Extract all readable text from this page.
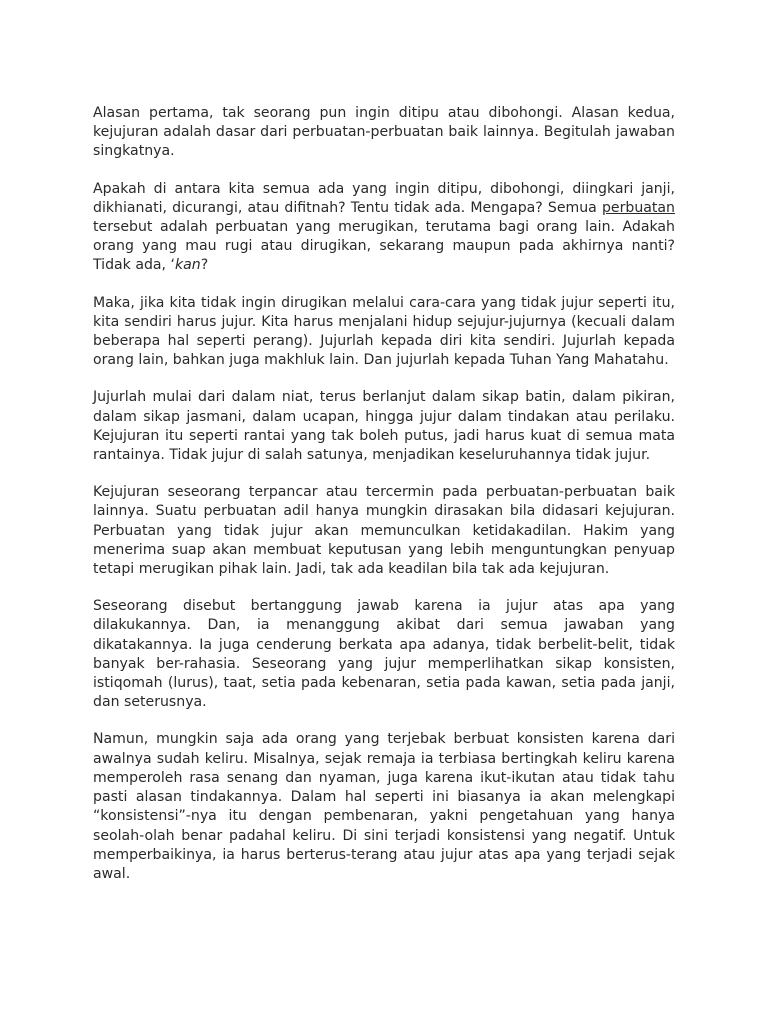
Alasan pertama, tak seorang pun ingin ditipu atau dibohongi. Alasan kedua, kejujuran adalah dasar dari perbuatan-perbuatan baik lainnya. Begitulah jawaban singkatnya.

Apakah di antara kita semua ada yang ingin ditipu, dibohongi, diingkari janji, dikhianati, dicurangi, atau difitnah? Tentu tidak ada. Mengapa? Semua perbuatan tersebut adalah perbuatan yang merugikan, terutama bagi orang lain. Adakah orang yang mau rugi atau dirugikan, sekarang maupun pada akhirnya nanti? Tidak ada, ‘kan?

Maka, jika kita tidak ingin dirugikan melalui cara-cara yang tidak jujur seperti itu, kita sendiri harus jujur. Kita harus menjalani hidup sejujur-jujurnya (kecuali dalam beberapa hal seperti perang). Jujurlah kepada diri kita sendiri. Jujurlah kepada orang lain, bahkan juga makhluk lain. Dan jujurlah kepada Tuhan Yang Mahatahu.

Jujurlah mulai dari dalam niat, terus berlanjut dalam sikap batin, dalam pikiran, dalam sikap jasmani, dalam ucapan, hingga jujur dalam tindakan atau perilaku. Kejujuran itu seperti rantai yang tak boleh putus, jadi harus kuat di semua mata rantainya. Tidak jujur di salah satunya, menjadikan keseluruhannya tidak jujur.

Kejujuran seseorang terpancar atau tercermin pada perbuatan-perbuatan baik lainnya. Suatu perbuatan adil hanya mungkin dirasakan bila didasari kejujuran. Perbuatan yang tidak jujur akan memunculkan ketidakadilan. Hakim yang menerima suap akan membuat keputusan yang lebih menguntungkan penyuap tetapi merugikan pihak lain. Jadi, tak ada keadilan bila tak ada kejujuran.

Seseorang disebut bertanggung jawab karena ia jujur atas apa yang dilakukannya. Dan, ia menanggung akibat dari semua jawaban yang dikatakannya. Ia juga cenderung berkata apa adanya, tidak berbelit-belit, tidak banyak ber-rahasia. Seseorang yang jujur memperlihatkan sikap konsisten, istiqomah (lurus), taat, setia pada kebenaran, setia pada kawan, setia pada janji, dan seterusnya.

Namun, mungkin saja ada orang yang terjebak berbuat konsisten karena dari awalnya sudah keliru. Misalnya, sejak remaja ia terbiasa bertingkah keliru karena memperoleh rasa senang dan nyaman, juga karena ikut-ikutan atau tidak tahu pasti alasan tindakannya. Dalam hal seperti ini biasanya ia akan melengkapi “konsistensi”-nya itu dengan pembenaran, yakni pengetahuan yang hanya seolah-olah benar padahal keliru. Di sini terjadi konsistensi yang negatif. Untuk memperbaikinya, ia harus berterus-terang atau jujur atas apa yang terjadi sejak awal.
